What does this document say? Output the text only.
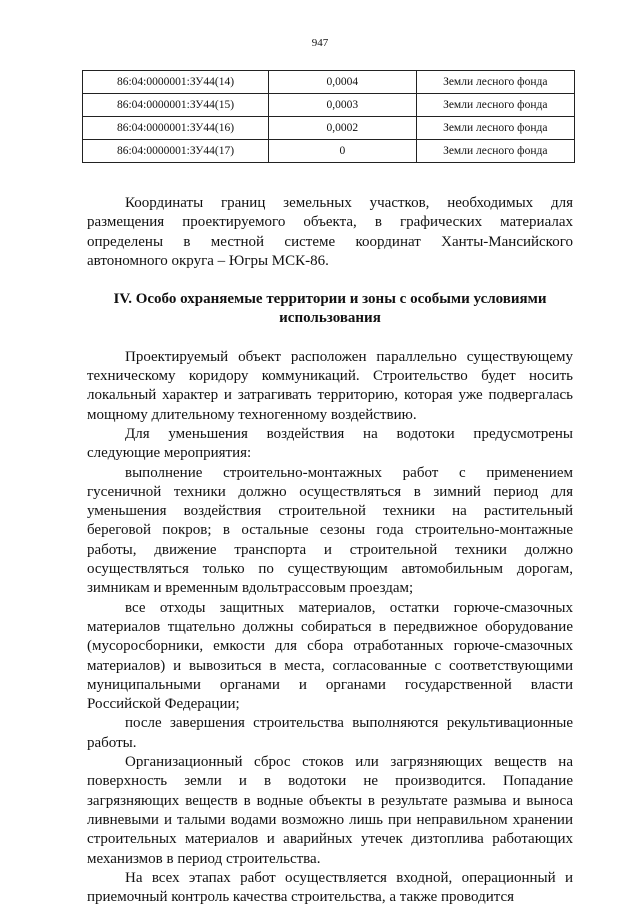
947
86:04:0000001:ЗУ44(14)	0,0004	Земли лесного фонда
86:04:0000001:ЗУ44(15)	0,0003	Земли лесного фонда
86:04:0000001:ЗУ44(16)	0,0002	Земли лесного фонда
86:04:0000001:ЗУ44(17)	0	Земли лесного фонда

Координаты границ земельных участков, необходимых для размещения проектируемого объекта, в графических материалах определены в местной системе координат Ханты-Мансийского автономного округа – Югры МСК-86.

IV. Особо охраняемые территории и зоны с особыми условиями
использования

Проектируемый объект расположен параллельно существующему техническому коридору коммуникаций. Строительство будет носить локальный характер и затрагивать территорию, которая уже подвергалась мощному длительному техногенному воздействию.

Для уменьшения воздействия на водотоки предусмотрены следующие мероприятия:

выполнение строительно-монтажных работ с применением гусеничной техники должно осуществляться в зимний период для уменьшения воздействия строительной техники на растительный береговой покров; в остальные сезоны года строительно-монтажные работы, движение транспорта и строительной техники должно осуществляться только по существующим автомобильным дорогам, зимникам и временным вдольтрассовым проездам;

все отходы защитных материалов, остатки горюче-смазочных материалов тщательно должны собираться в передвижное оборудование (мусоросборники, емкости для сбора отработанных горюче-смазочных материалов) и вывозиться в места, согласованные с соответствующими муниципальными органами и органами государственной власти Российской Федерации;

после завершения строительства выполняются рекультивационные работы.

Организационный сброс стоков или загрязняющих веществ на поверхность земли и в водотоки не производится. Попадание загрязняющих веществ в водные объекты в результате размыва и выноса ливневыми и талыми водами возможно лишь при неправильном хранении строительных материалов и аварийных утечек дизтоплива работающих механизмов в период строительства.

На всех этапах работ осуществляется входной, операционный и приемочный контроль качества строительства, а также проводится
